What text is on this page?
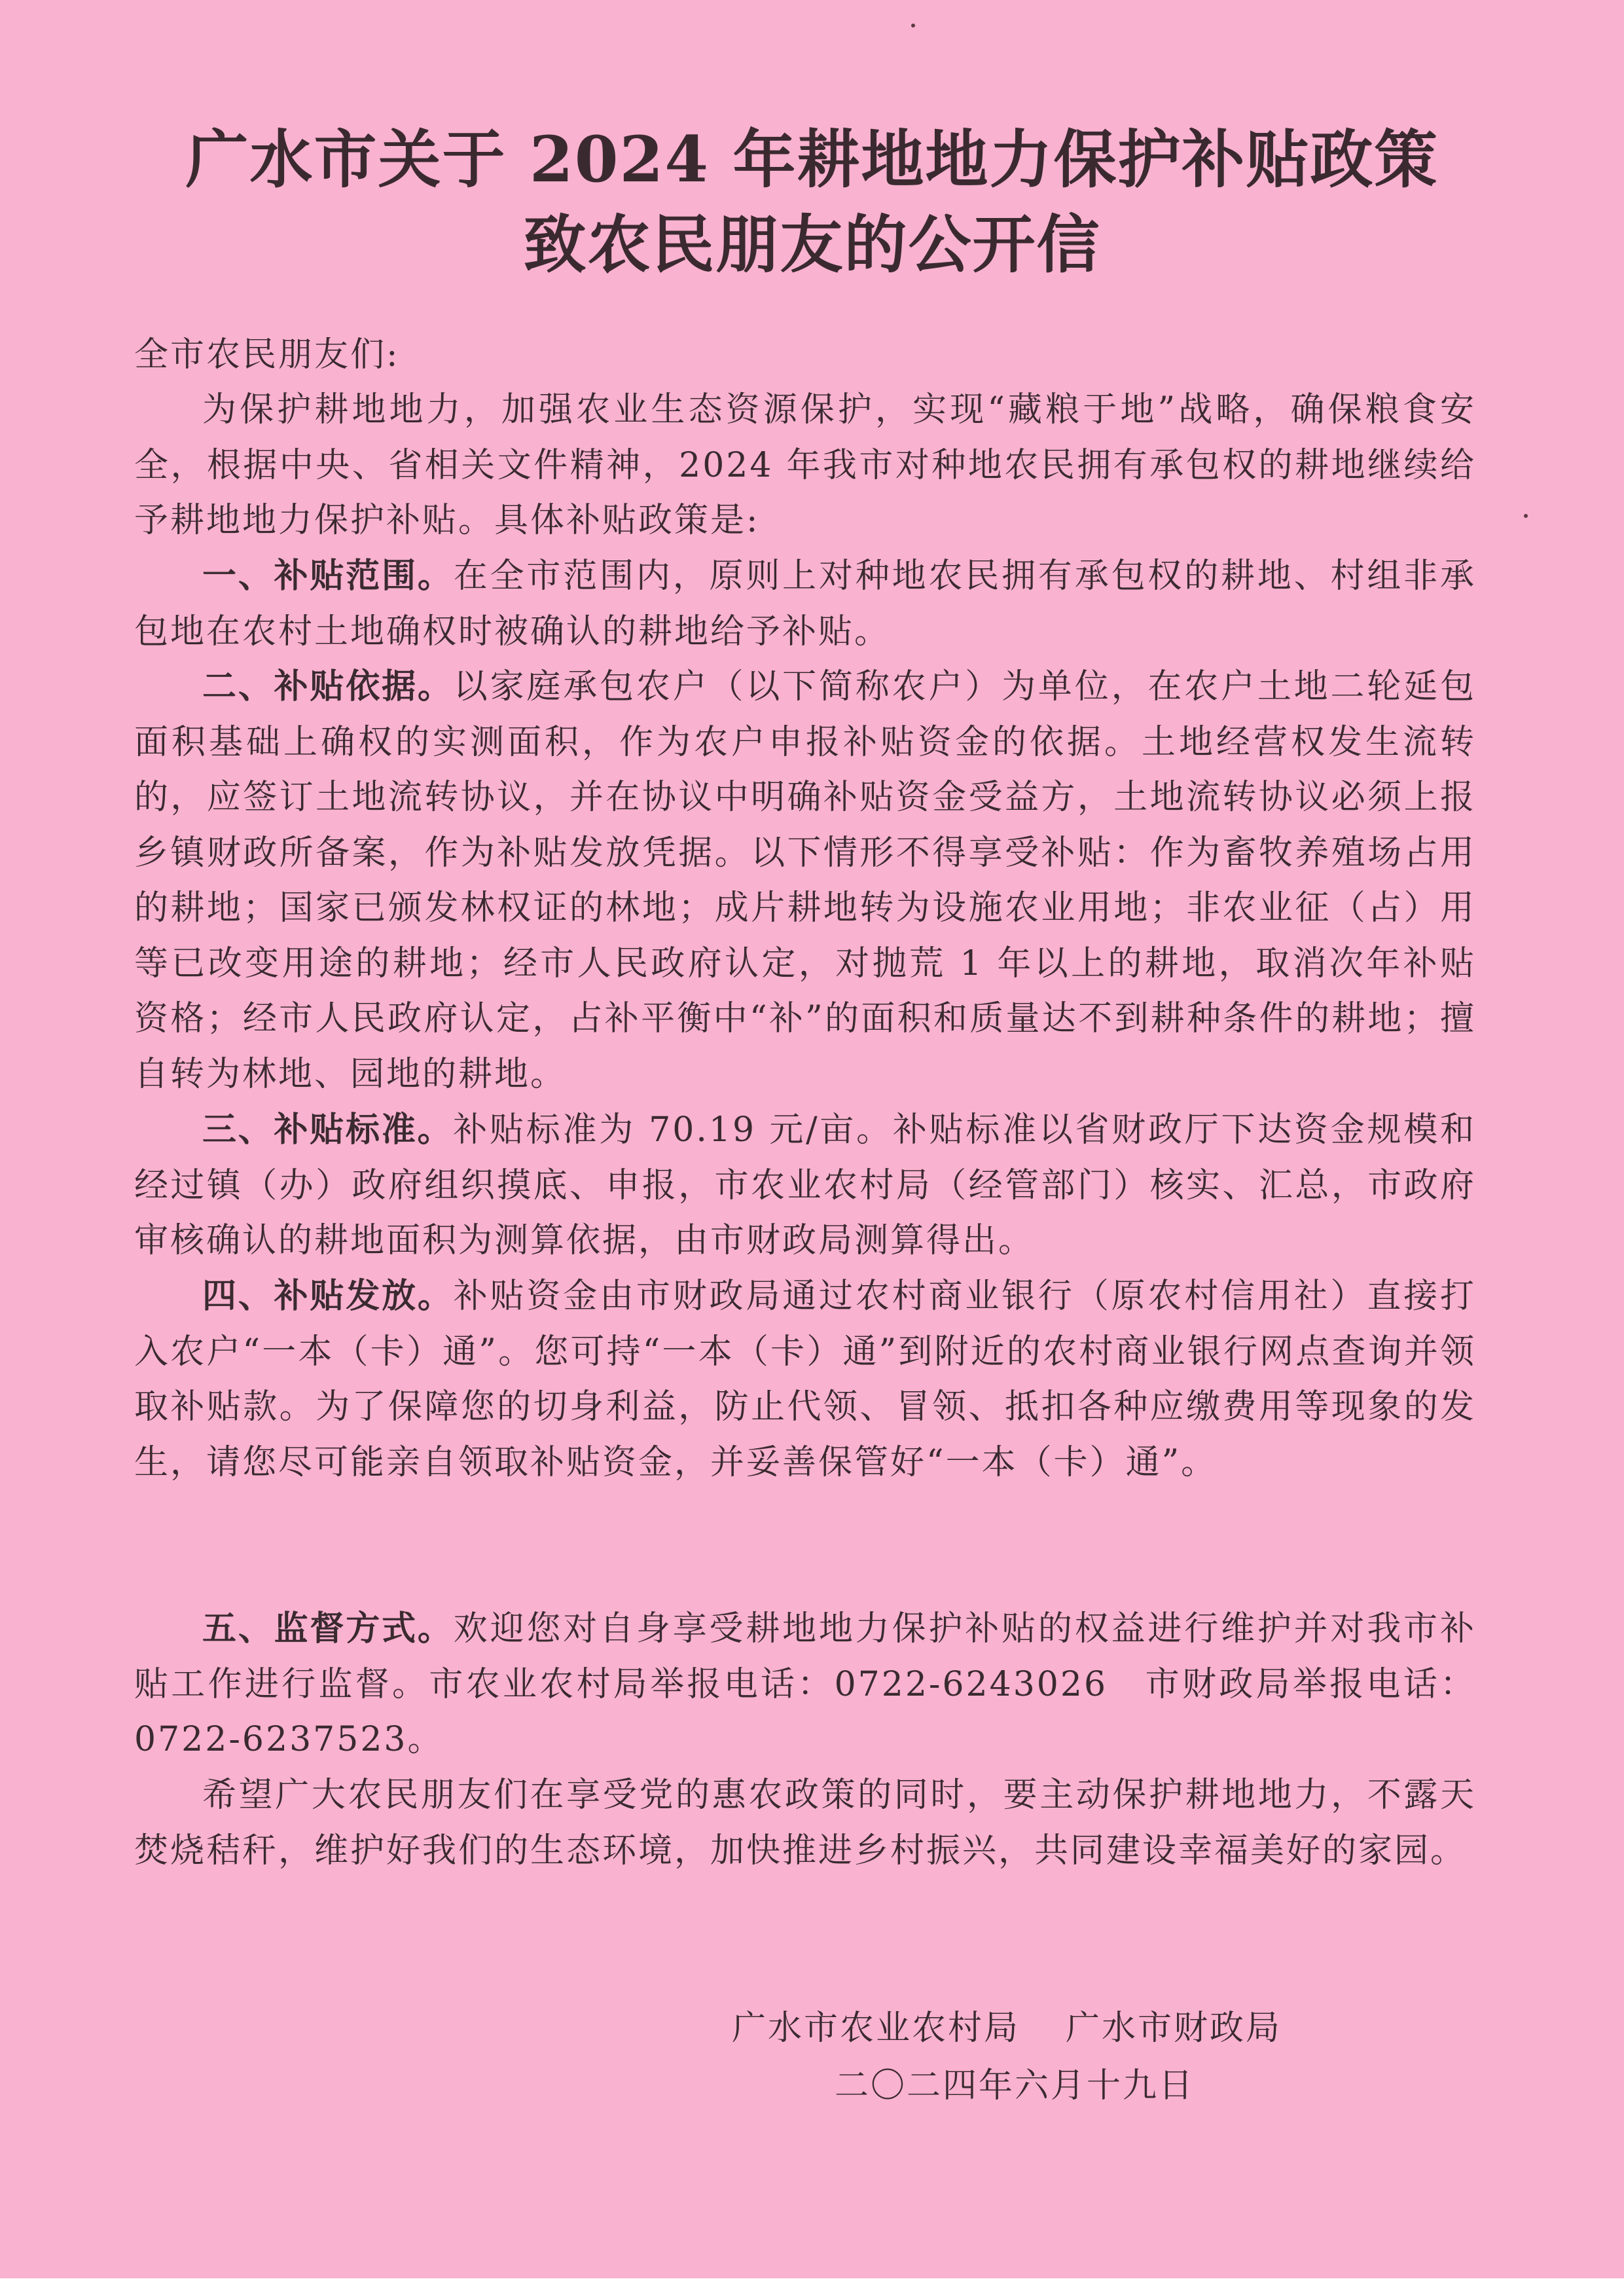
广水市关于 2024 年耕地地力保护补贴政策
致农民朋友的公开信
全市农民朋友们:

为保护耕地地力，加强农业生态资源保护，实现“藏粮于地”战略，确保粮食安全，根据中央、省相关文件精神，2024 年我市对种地农民拥有承包权的耕地继续给予耕地地力保护补贴。具体补贴政策是:

一、补贴范围。在全市范围内，原则上对种地农民拥有承包权的耕地、村组非承包地在农村土地确权时被确认的耕地给予补贴。

二、补贴依据。以家庭承包农户（以下简称农户）为单位，在农户土地二轮延包面积基础上确权的实测面积，作为农户申报补贴资金的依据。土地经营权发生流转的，应签订土地流转协议，并在协议中明确补贴资金受益方，土地流转协议必须上报乡镇财政所备案，作为补贴发放凭据。以下情形不得享受补贴：作为畜牧养殖场占用的耕地；国家已颁发林权证的林地；成片耕地转为设施农业用地；非农业征（占）用等已改变用途的耕地；经市人民政府认定，对抛荒 1 年以上的耕地，取消次年补贴资格；经市人民政府认定，占补平衡中“补”的面积和质量达不到耕种条件的耕地；擅自转为林地、园地的耕地。

三、补贴标准。补贴标准为 70.19 元/亩。补贴标准以省财政厅下达资金规模和经过镇（办）政府组织摸底、申报，市农业农村局（经管部门）核实、汇总，市政府审核确认的耕地面积为测算依据，由市财政局测算得出。

四、补贴发放。补贴资金由市财政局通过农村商业银行（原农村信用社）直接打入农户“一本（卡）通”。您可持“一本（卡）通”到附近的农村商业银行网点查询并领取补贴款。为了保障您的切身利益，防止代领、冒领、抵扣各种应缴费用等现象的发生，请您尽可能亲自领取补贴资金，并妥善保管好“一本（卡）通”。

五、监督方式。欢迎您对自身享受耕地地力保护补贴的权益进行维护并对我市补贴工作进行监督。市农业农村局举报电话：0722-6243026　市财政局举报电话：0722-6237523。

希望广大农民朋友们在享受党的惠农政策的同时，要主动保护耕地地力，不露天焚烧秸秆，维护好我们的生态环境，加快推进乡村振兴，共同建设幸福美好的家园。

广水市农业农村局 广水市财政局
二〇二四年六月十九日
